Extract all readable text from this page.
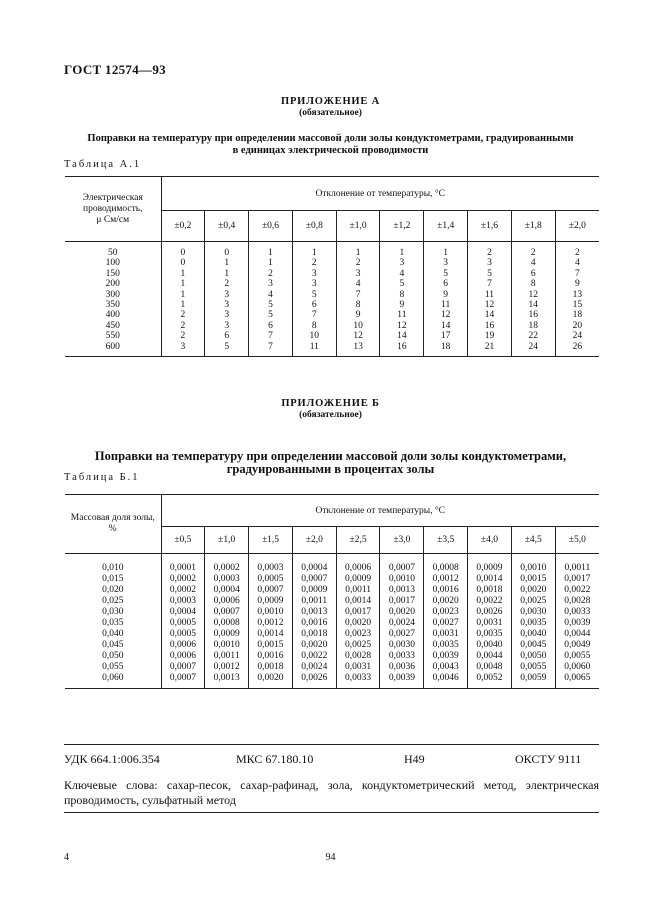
ГОСТ 12574—93
ПРИЛОЖЕНИЕ А
(обязательное)
Поправки на температуру при определении массовой доли золы кондуктометрами, градуированными
в единицах электрической проводимости
Таблица А.1
Электрическая
проводимость,
μ См/см	Отклонение от температуры, °С									
	±0,2	±0,4	±0,6	±0,8	±1,0	±1,2	±1,4	±1,6	±1,8	±2,0
50	0	0	1	1	1	1	1	2	2	2
100	0	1	1	2	2	3	3	3	4	4
150	1	1	2	3	3	4	5	5	6	7
200	1	2	3	3	4	5	6	7	8	9
300	1	3	4	5	7	8	9	11	12	13
350	1	3	5	6	8	9	11	12	14	15
400	2	3	5	7	9	11	12	14	16	18
450	2	3	6	8	10	12	14	16	18	20
550	2	6	7	10	12	14	17	19	22	24
600	3	5	7	11	13	16	18	21	24	26
ПРИЛОЖЕНИЕ Б
(обязательное)
Поправки на температуру при определении массовой доли золы кондуктометрами,
градуированными в процентах золы
Таблица Б.1
Массовая доля золы,
%	Отклонение от температуры, °С									
	±0,5	±1,0	±1,5	±2,0	±2,5	±3,0	±3,5	±4,0	±4,5	±5,0
0,010	0,0001	0,0002	0,0003	0,0004	0,0006	0,0007	0,0008	0,0009	0,0010	0,0011
0,015	0,0002	0,0003	0,0005	0,0007	0,0009	0,0010	0,0012	0,0014	0,0015	0,0017
0,020	0,0002	0,0004	0,0007	0,0009	0,0011	0,0013	0,0016	0,0018	0,0020	0,0022
0,025	0,0003	0,0006	0,0009	0,0011	0,0014	0,0017	0,0020	0,0022	0,0025	0,0028
0,030	0,0004	0,0007	0,0010	0,0013	0,0017	0,0020	0,0023	0,0026	0,0030	0,0033
0,035	0,0005	0,0008	0,0012	0,0016	0,0020	0,0024	0,0027	0,0031	0,0035	0,0039
0,040	0,0005	0,0009	0,0014	0,0018	0,0023	0,0027	0,0031	0,0035	0,0040	0,0044
0,045	0,0006	0,0010	0,0015	0,0020	0,0025	0,0030	0,0035	0,0040	0,0045	0,0049
0,050	0,0006	0,0011	0,0016	0,0022	0,0028	0,0033	0,0039	0,0044	0,0050	0,0055
0,055	0,0007	0,0012	0,0018	0,0024	0,0031	0,0036	0,0043	0,0048	0,0055	0,0060
0,060	0,0007	0,0013	0,0020	0,0026	0,0033	0,0039	0,0046	0,0052	0,0059	0,0065
УДК 664.1:006.354	МКС 67.180.10	Н49	ОКСТУ 9111
Ключевые слова: сахар-песок, сахар-рафинад, зола, кондуктометрический метод, электрическая проводимость, сульфатный метод
4	94
